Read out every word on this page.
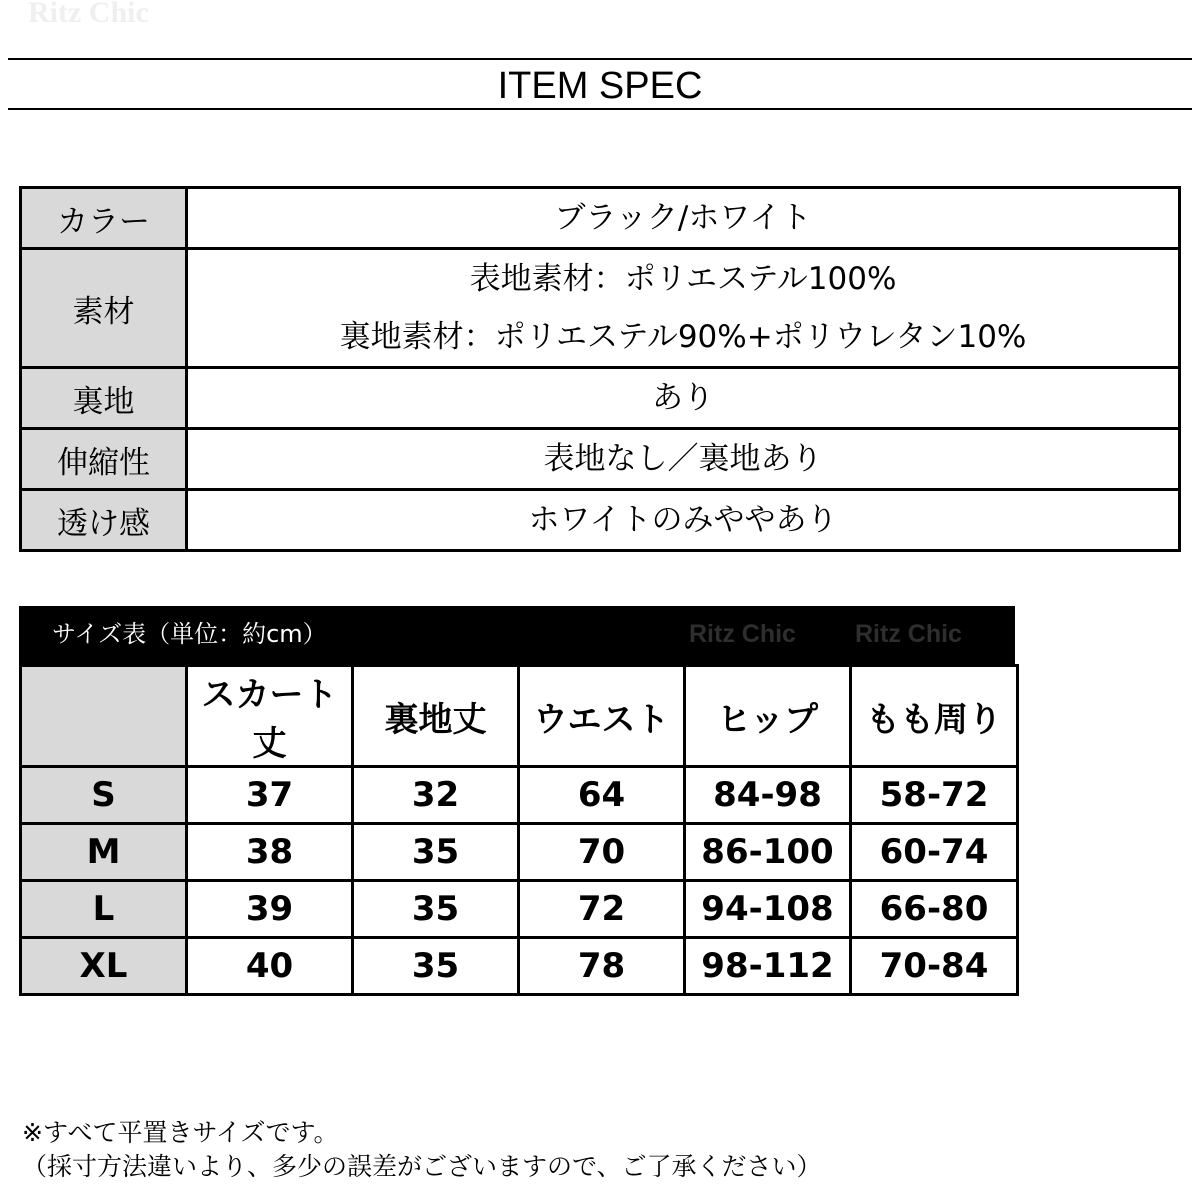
Ritz Chic
ITEM SPEC
カラー	ブラック/ホワイト

素材	表地素材：ポリエステル100%
裏地素材：ポリエステル90%+ポリウレタン10%

裏地	あり

伸縮性	表地なし／裏地あり

透け感	ホワイトのみややあり
サイズ表（単位：約cm）	Ritz Chic Ritz Chic
	スカート丈	裏地丈	ウエスト	ヒップ	もも周り
S	37	32	64	84-98	58-72
M	38	35	70	86-100	60-74
L	39	35	72	94-108	66-80
XL	40	35	78	98-112	70-84
※すべて平置きサイズです。
（採寸方法違いより、多少の誤差がございますので、ご了承ください）
